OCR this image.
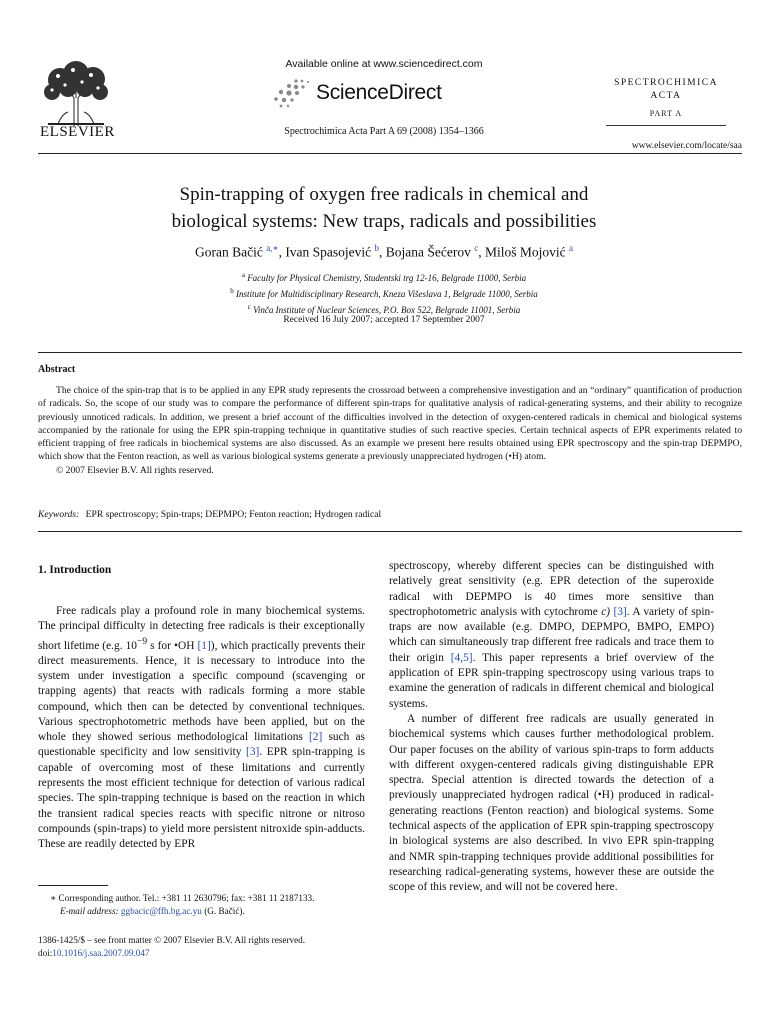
ELSEVIER
Available online at www.sciencedirect.com
ScienceDirect
Spectrochimica Acta Part A 69 (2008) 1354–1366
SPECTROCHIMICA
ACTA
PART A
www.elsevier.com/locate/saa
Spin-trapping of oxygen free radicals in chemical and
biological systems: New traps, radicals and possibilities
Goran Bačić $^{a,∗}$, Ivan Spasojević $^b$, Bojana Šećerov $^c$, Miloš Mojović $^a$
$^a$ Faculty for Physical Chemistry, Studentski trg 12-16, Belgrade 11000, Serbia
$^b$ Institute for Multidisciplinary Research, Kneza Višeslava 1, Belgrade 11000, Serbia
$^c$ Vinča Institute of Nuclear Sciences, P.O. Box 522, Belgrade 11001, Serbia
Received 16 July 2007; accepted 17 September 2007
Abstract

The choice of the spin-trap that is to be applied in any EPR study represents the crossroad between a comprehensive investigation and an “ordinary” quantification of production of radicals. So, the scope of our study was to compare the performance of different spin-traps for qualitative analysis of radical-generating systems, and their ability to recognize previously unnoticed radicals. In addition, we present a brief account of the difficulties involved in the detection of oxygen-centered radicals in chemical and biological systems accompanied by the rationale for using the EPR spin-trapping technique in quantitative studies of such reactive species. Certain technical aspects of EPR experiments related to efficient trapping of free radicals in biochemical systems are also discussed. As an example we present here results obtained using EPR spectroscopy and the spin-trap DEPMPO, which show that the Fenton reaction, as well as various biological systems generate a previously unappreciated hydrogen (•H) atom.

© 2007 Elsevier B.V. All rights reserved.

Keywords: EPR spectroscopy; Spin-traps; DEPMPO; Fenton reaction; Hydrogen radical
1. Introduction

Free radicals play a profound role in many biochemical systems. The principal difficulty in detecting free radicals is their exceptionally short lifetime (e.g. $10^{-9}$ s for •OH [1]), which practically prevents their direct measurements. Hence, it is necessary to introduce into the system under investigation a specific compound (scavenging or trapping agents) that reacts with radicals forming a more stable compound, which then can be detected by conventional techniques. Various spectrophotometric methods have been applied, but on the whole they showed serious methodological limitations [2] such as questionable specificity and low sensitivity [3]. EPR spin-trapping is capable of overcoming most of these limitations and currently represents the most efficient technique for detection of various radical species. The spin-trapping technique is based on the reaction in which the transient radical species reacts with specific nitrone or nitroso compounds (spin-traps) to yield more persistent nitroxide spin-adducts. These are readily detected by EPR

spectroscopy, whereby different species can be distinguished with relatively great sensitivity (e.g. EPR detection of the superoxide radical with DEPMPO is 40 times more sensitive than spectrophotometric analysis with cytochrome c) [3]. A variety of spin-traps are now available (e.g. DMPO, DEPMPO, BMPO, EMPO) which can simultaneously trap different free radicals and trace them to their origin [4,5]. This paper represents a brief overview of the application of EPR spin-trapping spectroscopy using various traps to examine the generation of radicals in different chemical and biological systems.

A number of different free radicals are usually generated in biochemical systems which causes further methodological problem. Our paper focuses on the ability of various spin-traps to form adducts with different oxygen-centered radicals giving distinguishable EPR spectra. Special attention is directed towards the detection of a previously unappreciated hydrogen radical (•H) produced in radical-generating reactions (Fenton reaction) and biological systems. Some technical aspects of the application of EPR spin-trapping spectroscopy in biological systems are also described. In vivo EPR spin-trapping and NMR spin-trapping techniques provide additional possibilities for researching radical-generating systems, however these are outside the scope of this review, and will not be covered here.

∗ Corresponding author. Tel.: +381 11 2630796; fax: +381 11 2187133.
E-mail address: ggbacic@ffh.bg.ac.yu (G. Bačić).
1386-1425/$ – see front matter © 2007 Elsevier B.V. All rights reserved.
doi:10.1016/j.saa.2007.09.047
